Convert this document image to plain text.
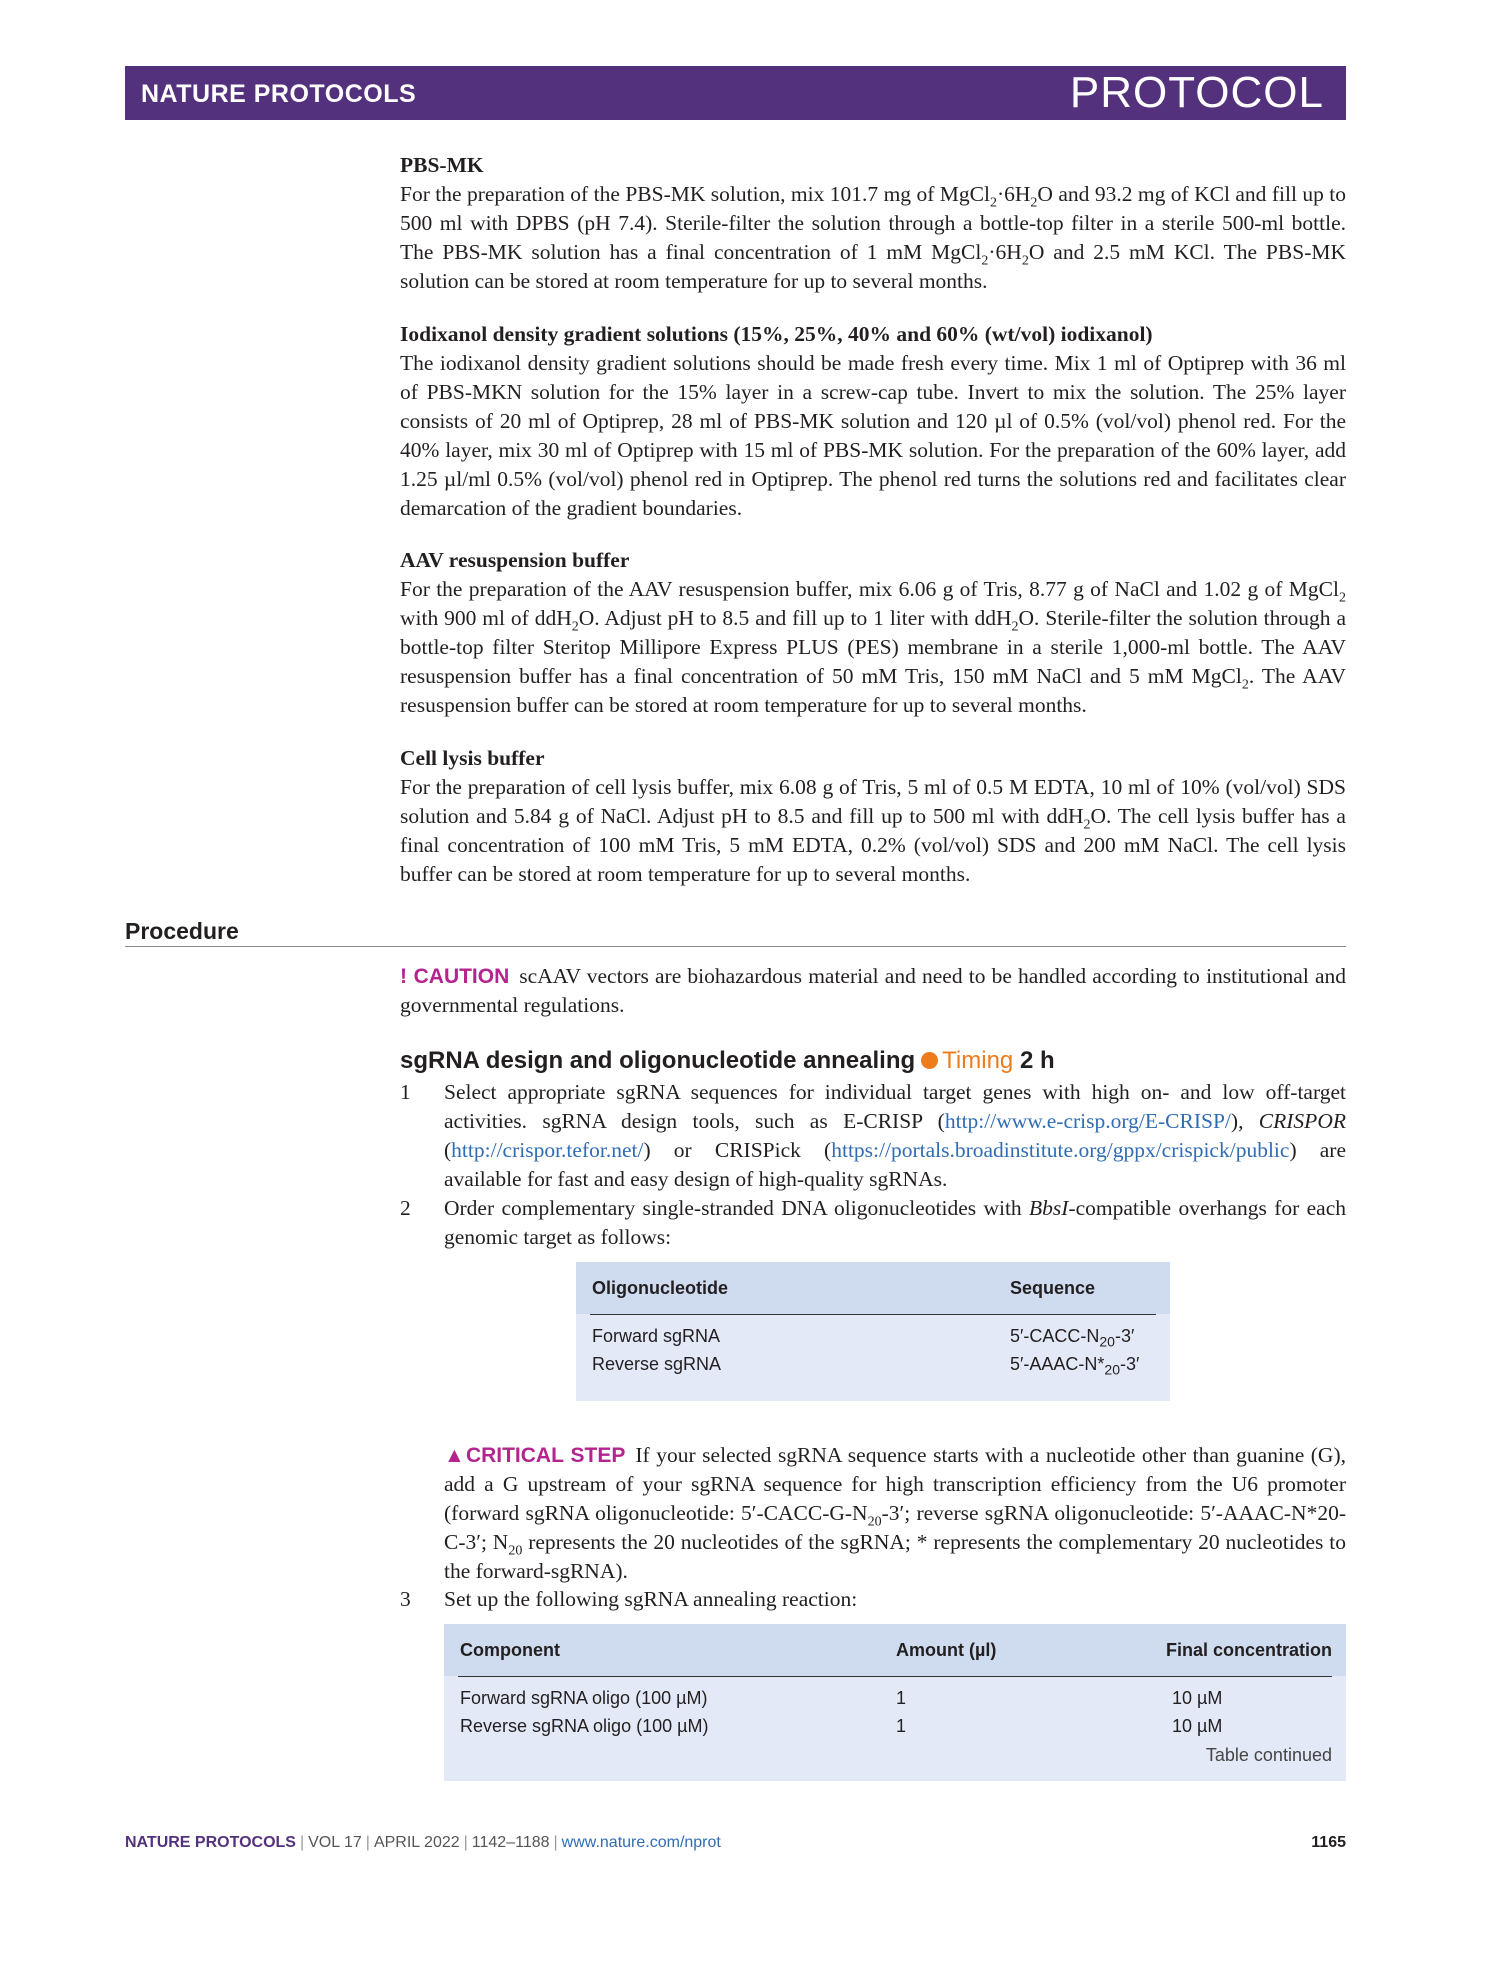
NATURE PROTOCOLS	PROTOCOL
PBS-MK

For the preparation of the PBS-MK solution, mix 101.7 mg of $MgCl_2\cdot 6H_2O$ and 93.2 mg of KCl and fill up to 500 ml with DPBS (pH 7.4). Sterile-filter the solution through a bottle-top filter in a sterile 500-ml bottle. The PBS-MK solution has a final concentration of 1 mM $MgCl_2\cdot 6H_2O$ and 2.5 mM KCl. The PBS-MK solution can be stored at room temperature for up to several months.

Iodixanol density gradient solutions (15%, 25%, 40% and 60% (wt/vol) iodixanol)

The iodixanol density gradient solutions should be made fresh every time. Mix 1 ml of Optiprep with 36 ml of PBS-MKN solution for the 15% layer in a screw-cap tube. Invert to mix the solution. The 25% layer consists of 20 ml of Optiprep, 28 ml of PBS-MK solution and 120 µl of 0.5% (vol/vol) phenol red. For the 40% layer, mix 30 ml of Optiprep with 15 ml of PBS-MK solution. For the preparation of the 60% layer, add 1.25 µl/ml 0.5% (vol/vol) phenol red in Optiprep. The phenol red turns the solutions red and facilitates clear demarcation of the gradient boundaries.

AAV resuspension buffer

For the preparation of the AAV resuspension buffer, mix 6.06 g of Tris, 8.77 g of NaCl and 1.02 g of MgCl$_2$ with 900 ml of ddH$_2$O. Adjust pH to 8.5 and fill up to 1 liter with ddH$_2$O. Sterile-filter the solution through a bottle-top filter Steritop Millipore Express PLUS (PES) membrane in a sterile 1,000-ml bottle. The AAV resuspension buffer has a final concentration of 50 mM Tris, 150 mM NaCl and 5 mM MgCl$_2$. The AAV resuspension buffer can be stored at room temperature for up to several months.

Cell lysis buffer

For the preparation of cell lysis buffer, mix 6.08 g of Tris, 5 ml of 0.5 M EDTA, 10 ml of 10% (vol/vol) SDS solution and 5.84 g of NaCl. Adjust pH to 8.5 and fill up to 500 ml with ddH$_2$O. The cell lysis buffer has a final concentration of 100 mM Tris, 5 mM EDTA, 0.2% (vol/vol) SDS and 200 mM NaCl. The cell lysis buffer can be stored at room temperature for up to several months.

Procedure

! CAUTION scAAV vectors are biohazardous material and need to be handled according to institutional and governmental regulations.

sgRNA design and oligonucleotide annealing Timing 2 h
1 Select appropriate sgRNA sequences for individual target genes with high on- and low off-target activities. sgRNA design tools, such as E-CRISP (http://www.e-crisp.org/E-CRISP/), CRISPOR (http://crispor.tefor.net/) or CRISPick (https://portals.broadinstitute.org/gppx/crispick/public) are available for fast and easy design of high-quality sgRNAs.
2 Order complementary single-stranded DNA oligonucleotides with BbsI-compatible overhangs for each genomic target as follows:
Oligonucleotide	Sequence
Forward sgRNA	$5'-CACC-N_{20}-3'$
Reverse sgRNA	$5'-AAAC-N*_{20}-3'$
▲CRITICAL STEP If your selected sgRNA sequence starts with a nucleotide other than guanine (G), add a G upstream of your sgRNA sequence for high transcription efficiency from the U6 promoter (forward sgRNA oligonucleotide: $5'-CACC-G-N_{20}-3'$; reverse sgRNA oligonucleotide: 5′-AAAC-N*20-C-3′; $N_{20}$ represents the 20 nucleotides of the sgRNA; * represents the complementary 20 nucleotides to the forward-sgRNA).
3 Set up the following sgRNA annealing reaction:
Component	Amount (µl)	Final concentration
Forward sgRNA oligo (100 µM)	1	10 µM
Reverse sgRNA oligo (100 µM)	1	10 µM
Table continued
NATURE PROTOCOLS | VOL 17 | APRIL 2022 | 1142–1188 | www.nature.com/nprot	1165
